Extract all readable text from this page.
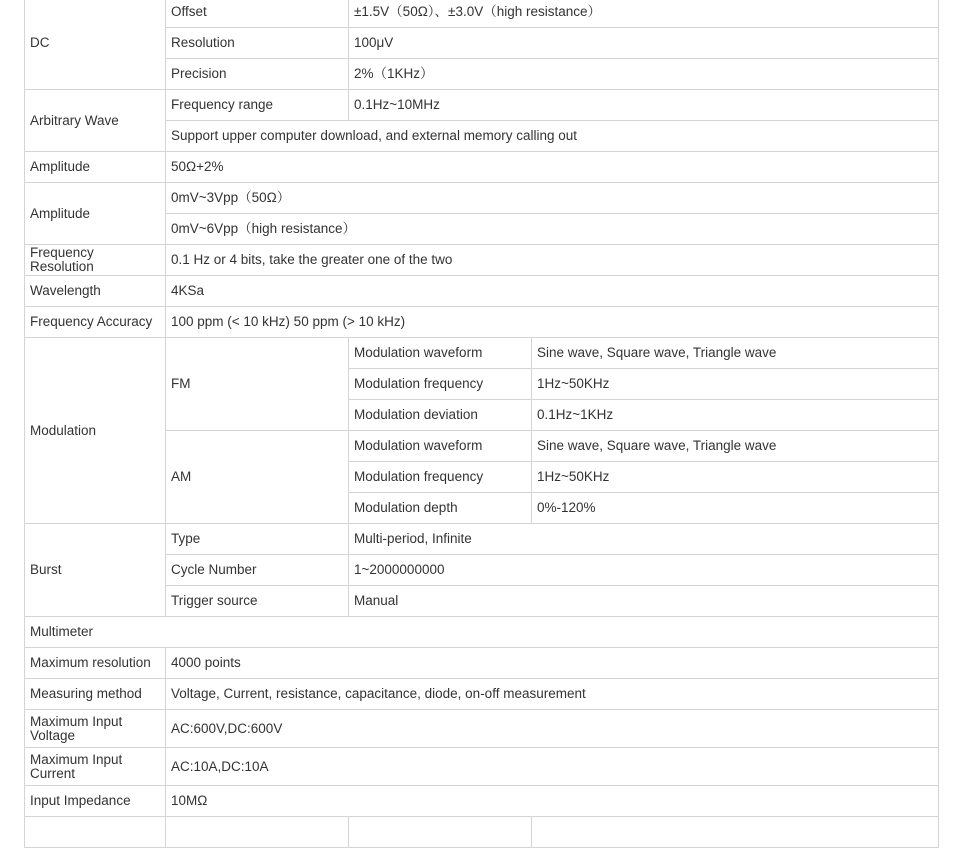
DC	Offset	±1.5V（50Ω）、±3.0V（high resistance）	
	Resolution	100μV	
	Precision	2%（1KHz）	
Arbitrary Wave	Frequency range	0.1Hz~10MHz	
	Support upper computer download, and external memory calling out		
Amplitude	50Ω+2%		
Amplitude	0mV~3Vpp（50Ω）		
	0mV~6Vpp（high resistance）		
Frequency Resolution	0.1 Hz or 4 bits, take the greater one of the two		
Wavelength	4KSa		
Frequency Accuracy	100 ppm (< 10 kHz) 50 ppm (> 10 kHz)		
Modulation	FM	Modulation waveform	Sine wave, Square wave, Triangle wave
		Modulation frequency	1Hz~50KHz
		Modulation deviation	0.1Hz~1KHz
	AM	Modulation waveform	Sine wave, Square wave, Triangle wave
		Modulation frequency	1Hz~50KHz
		Modulation depth	0%-120%
Burst	Type	Multi-period, Infinite	
	Cycle Number	1~2000000000	
	Trigger source	Manual	
Multimeter			
Maximum resolution	4000 points		
Measuring method	Voltage, Current, resistance, capacitance, diode, on-off measurement		
Maximum Input Voltage	AC:600V,DC:600V		
Maximum Input Current	AC:10A,DC:10A		
Input Impedance	10MΩ		
